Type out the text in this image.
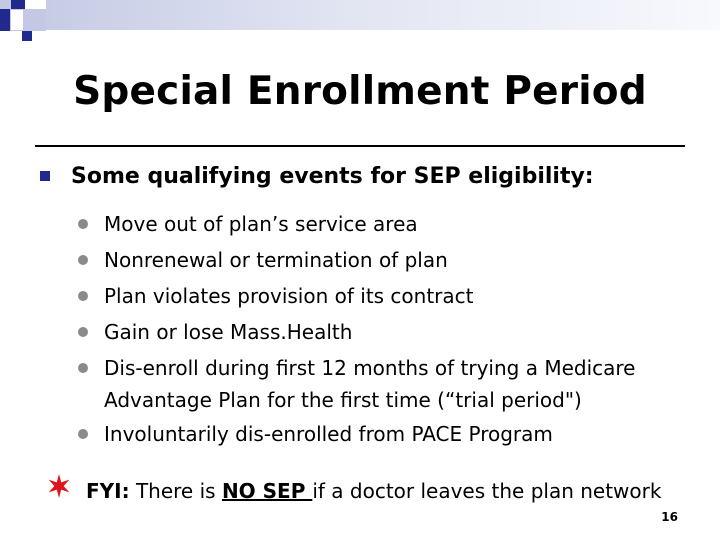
Special Enrollment Period
Some qualifying events for SEP eligibility:
Move out of plan’s service area
Nonrenewal or termination of plan
Plan violates provision of its contract
Gain or lose Mass.Health
Dis-enroll during first 12 months of trying a Medicare Advantage Plan for the first time (“trial period")
Involuntarily dis-enrolled from PACE Program
FYI: There is NO SEP if a doctor leaves the plan network
16
